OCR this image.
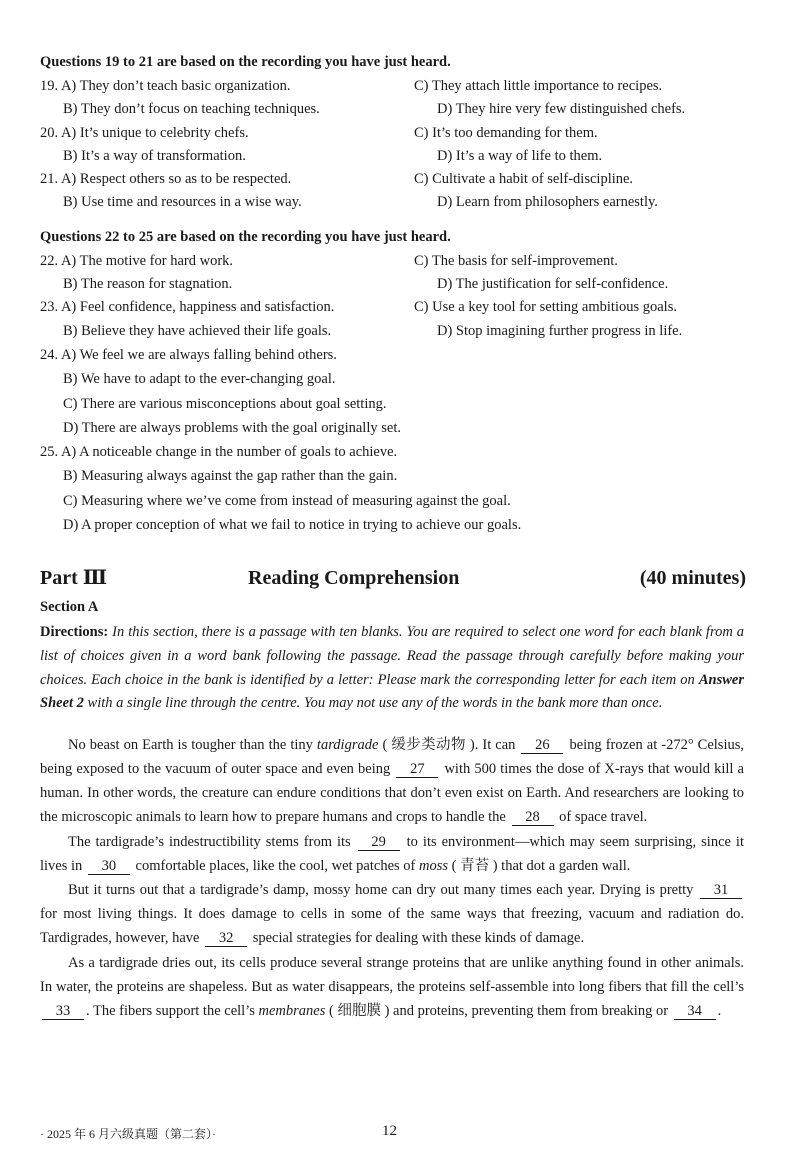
Questions 19 to 21 are based on the recording you have just heard.
19. A) They don’t teach basic organization.	C) They attach little importance to recipes.
B) They don’t focus on teaching techniques.	D) They hire very few distinguished chefs.
20. A) It’s unique to celebrity chefs.	C) It’s too demanding for them.
B) It’s a way of transformation.	D) It’s a way of life to them.
21. A) Respect others so as to be respected.	C) Cultivate a habit of self-discipline.
B) Use time and resources in a wise way.	D) Learn from philosophers earnestly.
Questions 22 to 25 are based on the recording you have just heard.
22. A) The motive for hard work.	C) The basis for self-improvement.
B) The reason for stagnation.	D) The justification for self-confidence.
23. A) Feel confidence, happiness and satisfaction.	C) Use a key tool for setting ambitious goals.
B) Believe they have achieved their life goals.	D) Stop imagining further progress in life.
24. A) We feel we are always falling behind others.
B) We have to adapt to the ever-changing goal.
C) There are various misconceptions about goal setting.
D) There are always problems with the goal originally set.
25. A) A noticeable change in the number of goals to achieve.
B) Measuring always against the gap rather than the gain.
C) Measuring where we’ve come from instead of measuring against the goal.
D) A proper conception of what we fail to notice in trying to achieve our goals.
Part Ⅲ	Reading Comprehension	(40 minutes)
Section A
Directions: In this section, there is a passage with ten blanks. You are required to select one word for each blank from a list of choices given in a word bank following the passage. Read the passage through carefully before making your choices. Each choice in the bank is identified by a letter: Please mark the corresponding letter for each item on Answer Sheet 2 with a single line through the centre. You may not use any of the words in the bank more than once.

No beast on Earth is tougher than the tiny tardigrade ( 缓步类动物 ). It can 26 being frozen at -272° Celsius, being exposed to the vacuum of outer space and even being 27 with 500 times the dose of X-rays that would kill a human. In other words, the creature can endure conditions that don’t even exist on Earth. And researchers are looking to the microscopic animals to learn how to prepare humans and crops to handle the 28 of space travel.

The tardigrade’s indestructibility stems from its 29 to its environment—which may seem surprising, since it lives in 30 comfortable places, like the cool, wet patches of moss ( 青苔 ) that dot a garden wall.

But it turns out that a tardigrade’s damp, mossy home can dry out many times each year. Drying is pretty 31 for most living things. It does damage to cells in some of the same ways that freezing, vacuum and radiation do. Tardigrades, however, have 32 special strategies for dealing with these kinds of damage.

As a tardigrade dries out, its cells produce several strange proteins that are unlike anything found in other animals. In water, the proteins are shapeless. But as water disappears, the proteins self-assemble into long fibers that fill the cell’s 33 . The fibers support the cell’s membranes ( 细胞膜 ) and proteins, preventing them from breaking or 34 .

· 2025 年 6 月六级真题（第二套）·	12
